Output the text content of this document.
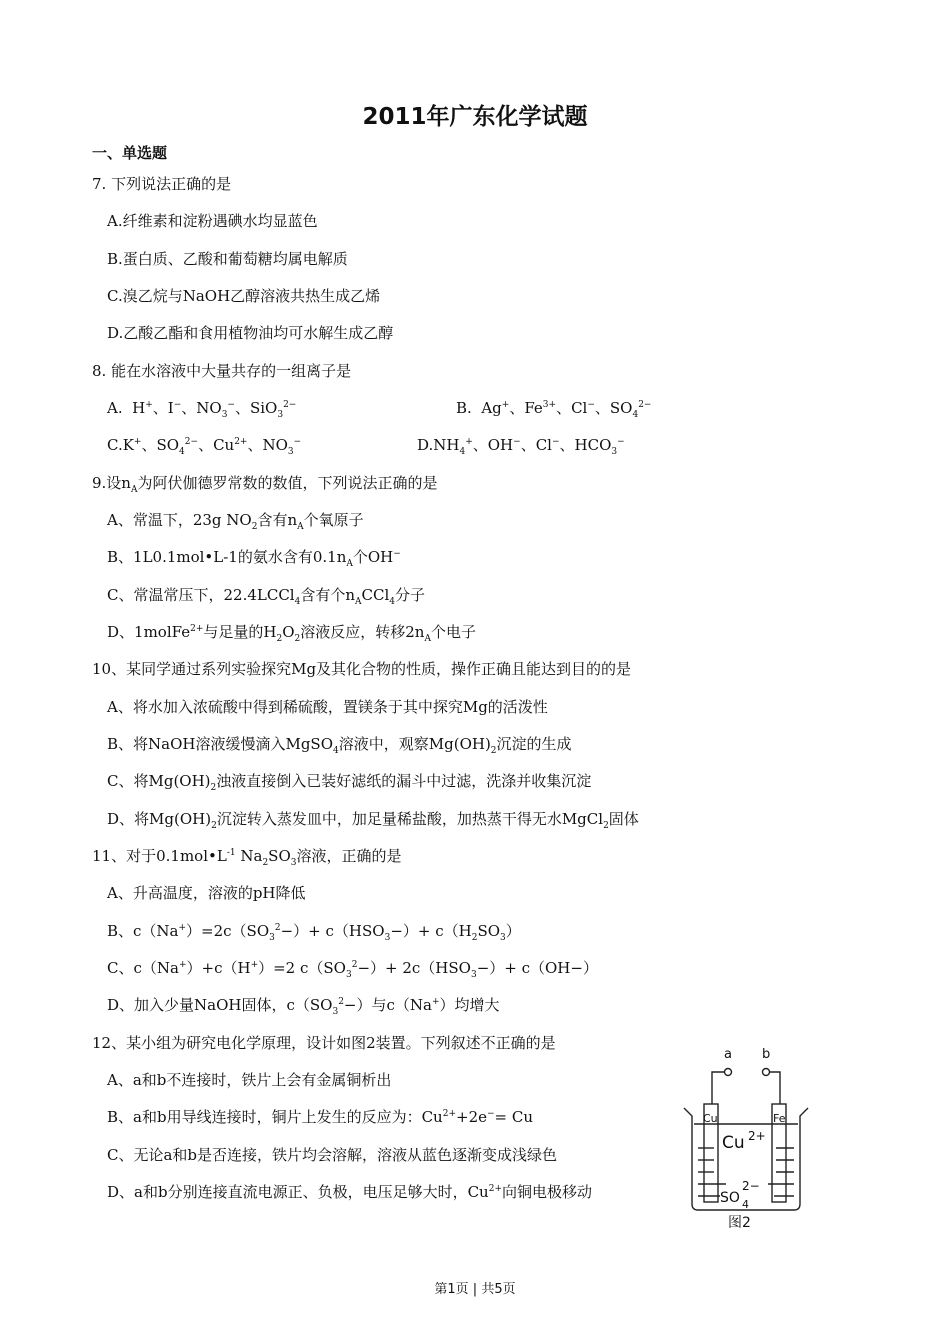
2011年广东化学试题
一、单选题
7. 下列说法正确的是
A.纤维素和淀粉遇碘水均显蓝色
B.蛋白质、乙酸和葡萄糖均属电解质
C.溴乙烷与NaOH乙醇溶液共热生成乙烯
D.乙酸乙酯和食用植物油均可水解生成乙醇
8. 能在水溶液中大量共存的一组离子是
A.  H+、I−、$NO_3^-$、SiO$_3^{2-}$	B.  Ag+、$Fe^{3+}$、Cl−、$SO_4^{2-}$
C.K+、$SO_4^{2-}$、$Cu^{2+}$、$NO_3^-$	$D.NH_4^+$、OH−、Cl−、$HCO_3^-$
9.设$n_A$为阿伏伽德罗常数的数值，下列说法正确的是
A、常温下，23g $NO_2$含有$n_A$个氧原子
B、1L0.1mol•L-1的氨水含有$0.1n_A$个OH−
C、常温常压下，22.4LCCl$_4$含有个$n_ACCl_4$分子
D、1molFe$^{2+}$与足量的$H_2O_2$溶液反应，转移$2n_A$个电子
10、某同学通过系列实验探究Mg及其化合物的性质，操作正确且能达到目的的是
A、将水加入浓硫酸中得到稀硫酸，置镁条于其中探究Mg的活泼性
B、将NaOH溶液缓慢滴入MgSO$_4$溶液中，观察$Mg(OH)_2$沉淀的生成
C、将$Mg(OH)_2$浊液直接倒入已装好滤纸的漏斗中过滤，洗涤并收集沉淀
D、将$Mg(OH)_2$沉淀转入蒸发皿中，加足量稀盐酸，加热蒸干得无水MgCl$_2$固体
11、对于$0.1mol•L^{-1}$ $Na_2SO_3$溶液，正确的是
A、升高温度，溶液的pH降低
B、$c(Na^+)=2c(SO_3^2-)+ c(HSO_3-)+ c(H_2SO_3)$
C、c（Na+）+c（H+）=2 $c(SO_3^2-)+ 2c(HSO_3-)+ c(OH-)$
D、加入少量NaOH固体，$c(SO_3^2-)$与c（Na+）均增大
12、某小组为研究电化学原理，设计如图2装置。下列叙述不正确的是
A、a和b不连接时，铁片上会有金属铜析出
B、a和b用导线连接时，铜片上发生的反应为：$Cu^{2+}+2e^-= Cu$
C、无论a和b是否连接，铁片均会溶解，溶液从蓝色逐渐变成浅绿色
D、a和b分别连接直流电源正、负极，电压足够大时，$Cu^{2+}$向铜电极移动
a b
Cu	Fe
Cu 2+
SO 4
2−
图2
第1页 | 共5页
